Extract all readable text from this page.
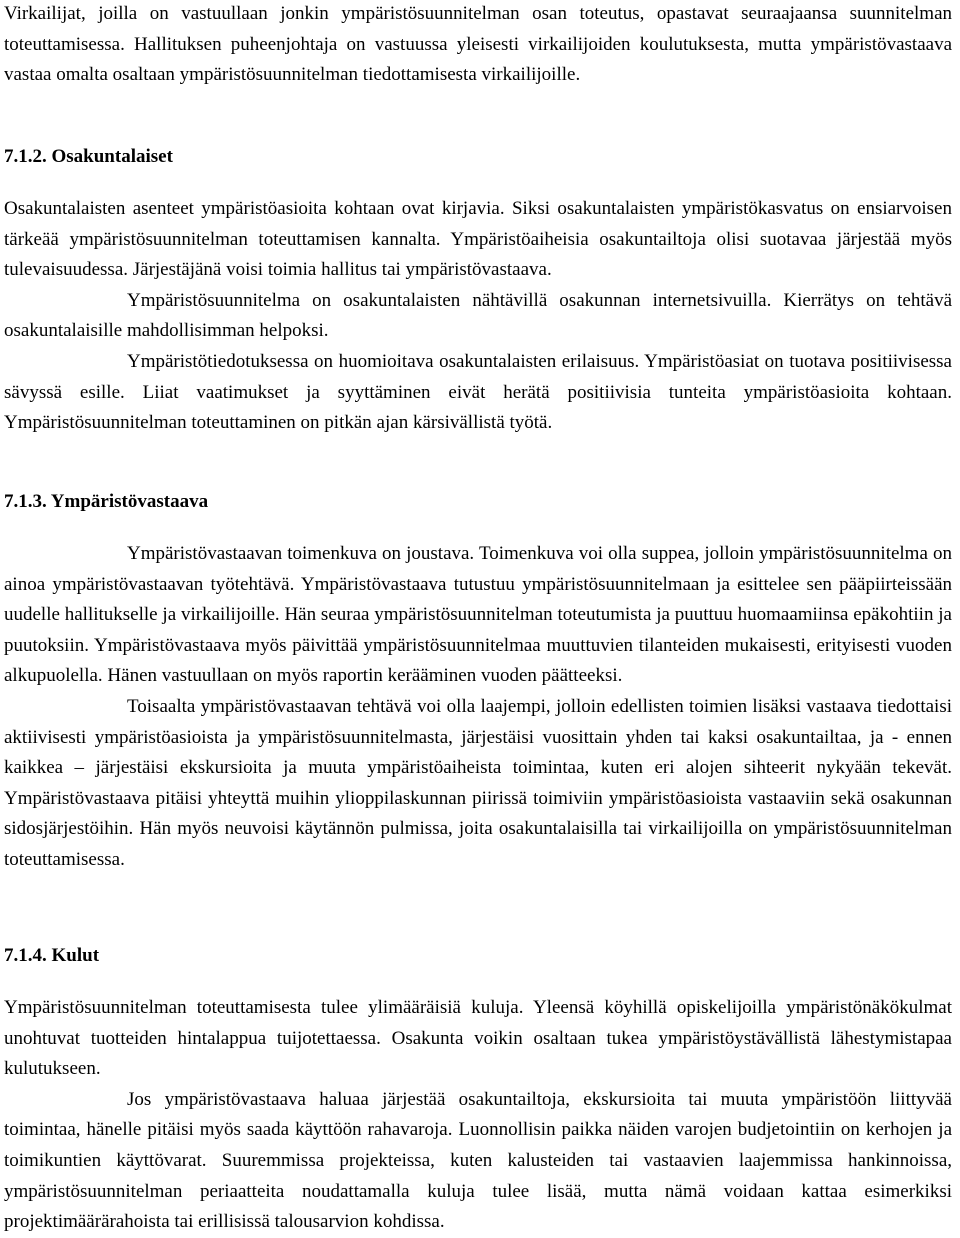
Virkailijat, joilla on vastuullaan jonkin ympäristösuunnitelman osan toteutus, opastavat seuraajaansa suunnitelman toteuttamisessa. Hallituksen puheenjohtaja on vastuussa yleisesti virkailijoiden koulutuksesta, mutta ympäristövastaava vastaa omalta osaltaan ympäristösuunnitelman tiedottamisesta virkailijoille.

7.1.2. Osakuntalaiset

Osakuntalaisten asenteet ympäristöasioita kohtaan ovat kirjavia. Siksi osakuntalaisten ympäristökasvatus on ensiarvoisen tärkeää ympäristösuunnitelman toteuttamisen kannalta. Ympäristöaiheisia osakuntailtoja olisi suotavaa järjestää myös tulevaisuudessa. Järjestäjänä voisi toimia hallitus tai ympäristövastaava.

Ympäristösuunnitelma on osakuntalaisten nähtävillä osakunnan internetsivuilla. Kierrätys on tehtävä osakuntalaisille mahdollisimman helpoksi.

Ympäristötiedotuksessa on huomioitava osakuntalaisten erilaisuus. Ympäristöasiat on tuotava positiivisessa sävyssä esille. Liiat vaatimukset ja syyttäminen eivät herätä positiivisia tunteita ympäristöasioita kohtaan. Ympäristösuunnitelman toteuttaminen on pitkän ajan kärsivällistä työtä.

7.1.3. Ympäristövastaava

Ympäristövastaavan toimenkuva on joustava. Toimenkuva voi olla suppea, jolloin ympäristösuunnitelma on ainoa ympäristövastaavan työtehtävä. Ympäristövastaava tutustuu ympäristösuunnitelmaan ja esittelee sen pääpiirteissään uudelle hallitukselle ja virkailijoille. Hän seuraa ympäristösuunnitelman toteutumista ja puuttuu huomaamiinsa epäkohtiin ja puutoksiin. Ympäristövastaava myös päivittää ympäristösuunnitelmaa muuttuvien tilanteiden mukaisesti, erityisesti vuoden alkupuolella. Hänen vastuullaan on myös raportin kerääminen vuoden päätteeksi.

Toisaalta ympäristövastaavan tehtävä voi olla laajempi, jolloin edellisten toimien lisäksi vastaava tiedottaisi aktiivisesti ympäristöasioista ja ympäristösuunnitelmasta, järjestäisi vuosittain yhden tai kaksi osakuntailtaa, ja - ennen kaikkea – järjestäisi ekskursioita ja muuta ympäristöaiheista toimintaa, kuten eri alojen sihteerit nykyään tekevät. Ympäristövastaava pitäisi yhteyttä muihin ylioppilaskunnan piirissä toimiviin ympäristöasioista vastaaviin sekä osakunnan sidosjärjestöihin. Hän myös neuvoisi käytännön pulmissa, joita osakuntalaisilla tai virkailijoilla on ympäristösuunnitelman toteuttamisessa.

7.1.4. Kulut

Ympäristösuunnitelman toteuttamisesta tulee ylimääräisiä kuluja. Yleensä köyhillä opiskelijoilla ympäristönäkökulmat unohtuvat tuotteiden hintalappua tuijotettaessa. Osakunta voikin osaltaan tukea ympäristöystävällistä lähestymistapaa kulutukseen.

Jos ympäristövastaava haluaa järjestää osakuntailtoja, ekskursioita tai muuta ympäristöön liittyvää toimintaa, hänelle pitäisi myös saada käyttöön rahavaroja. Luonnollisin paikka näiden varojen budjetointiin on kerhojen ja toimikuntien käyttövarat. Suuremmissa projekteissa, kuten kalusteiden tai vastaavien laajemmissa hankinnoissa, ympäristösuunnitelman periaatteita noudattamalla kuluja tulee lisää, mutta nämä voidaan kattaa esimerkiksi projektimäärärahoista tai erillisissä talousarvion kohdissa.
